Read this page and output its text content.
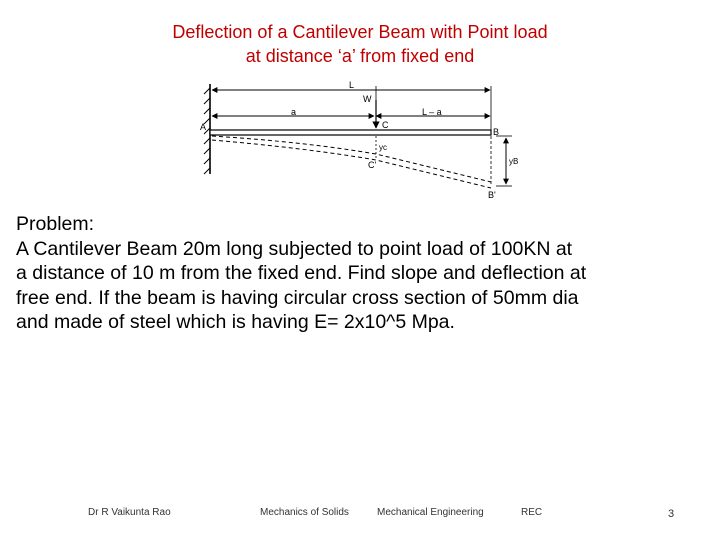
Deflection of a Cantilever Beam with Point load
at distance ‘a’ from fixed end
L
a	L – a
W
A	C
B
yc
C'	yB
B'
Problem:
A Cantilever Beam 20m long subjected to point load of 100KN at
a distance of 10 m from the fixed end. Find slope and deflection at
free end. If the beam is having circular cross section of 50mm dia
and made of steel which is having E= 2x10^5 Mpa.
Dr R Vaikunta Rao	Mechanics of Solids	Mechanical Engineering	REC	3
